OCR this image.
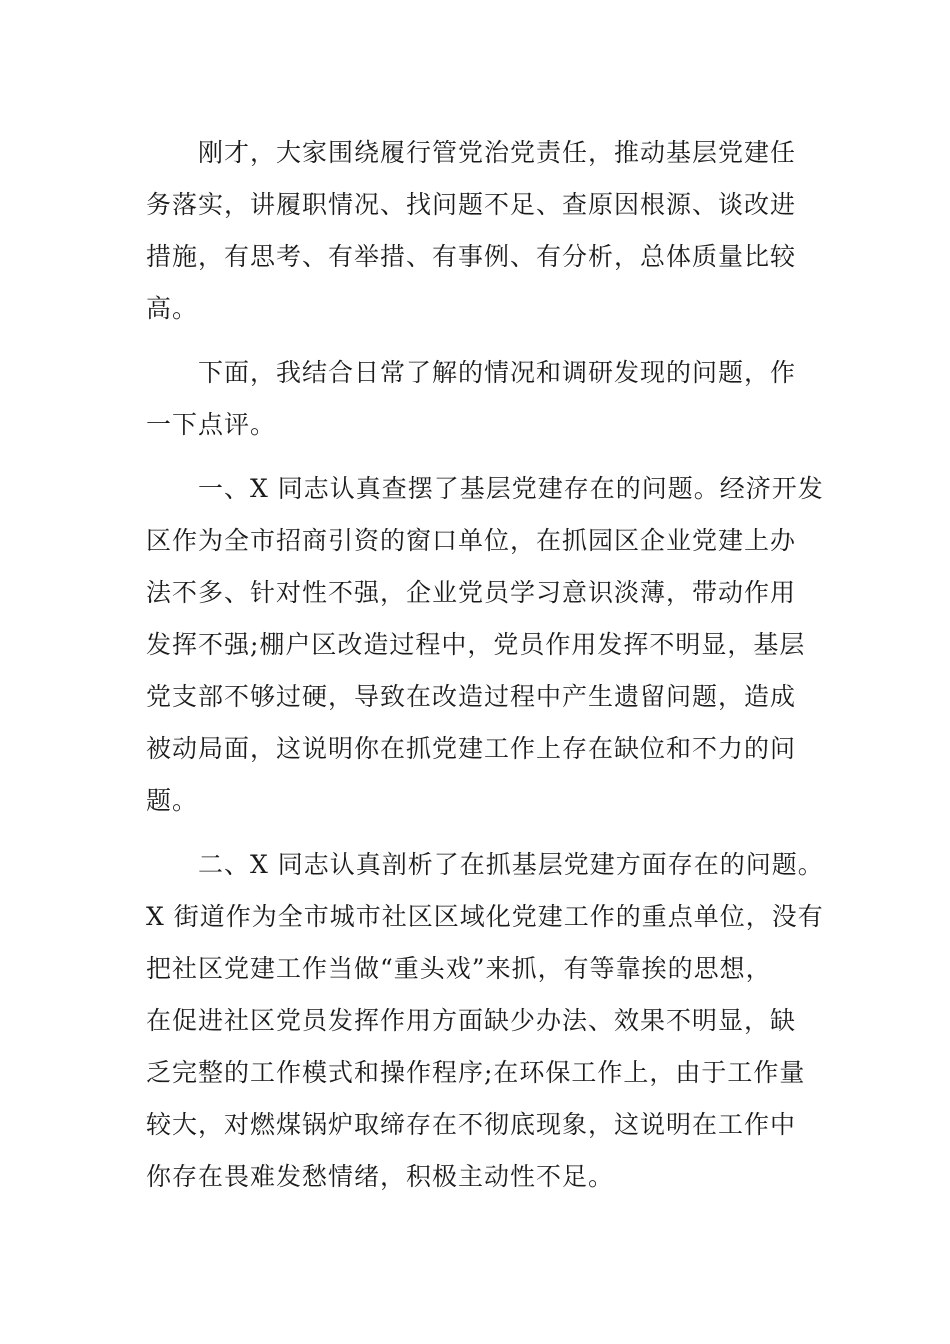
刚才，大家围绕履行管党治党责任，推动基层党建任
务落实，讲履职情况、找问题不足、查原因根源、谈改进
措施，有思考、有举措、有事例、有分析，总体质量比较
高。

下面，我结合日常了解的情况和调研发现的问题，作
一下点评。

一、X 同志认真查摆了基层党建存在的问题。经济开发
区作为全市招商引资的窗口单位，在抓园区企业党建上办
法不多、针对性不强，企业党员学习意识淡薄，带动作用
发挥不强;棚户区改造过程中，党员作用发挥不明显，基层
党支部不够过硬，导致在改造过程中产生遗留问题，造成
被动局面，这说明你在抓党建工作上存在缺位和不力的问
题。

二、X 同志认真剖析了在抓基层党建方面存在的问题。
X 街道作为全市城市社区区域化党建工作的重点单位，没有
把社区党建工作当做“重头戏”来抓，有等靠挨的思想，
在促进社区党员发挥作用方面缺少办法、效果不明显，缺
乏完整的工作模式和操作程序;在环保工作上，由于工作量
较大，对燃煤锅炉取缔存在不彻底现象，这说明在工作中
你存在畏难发愁情绪，积极主动性不足。
